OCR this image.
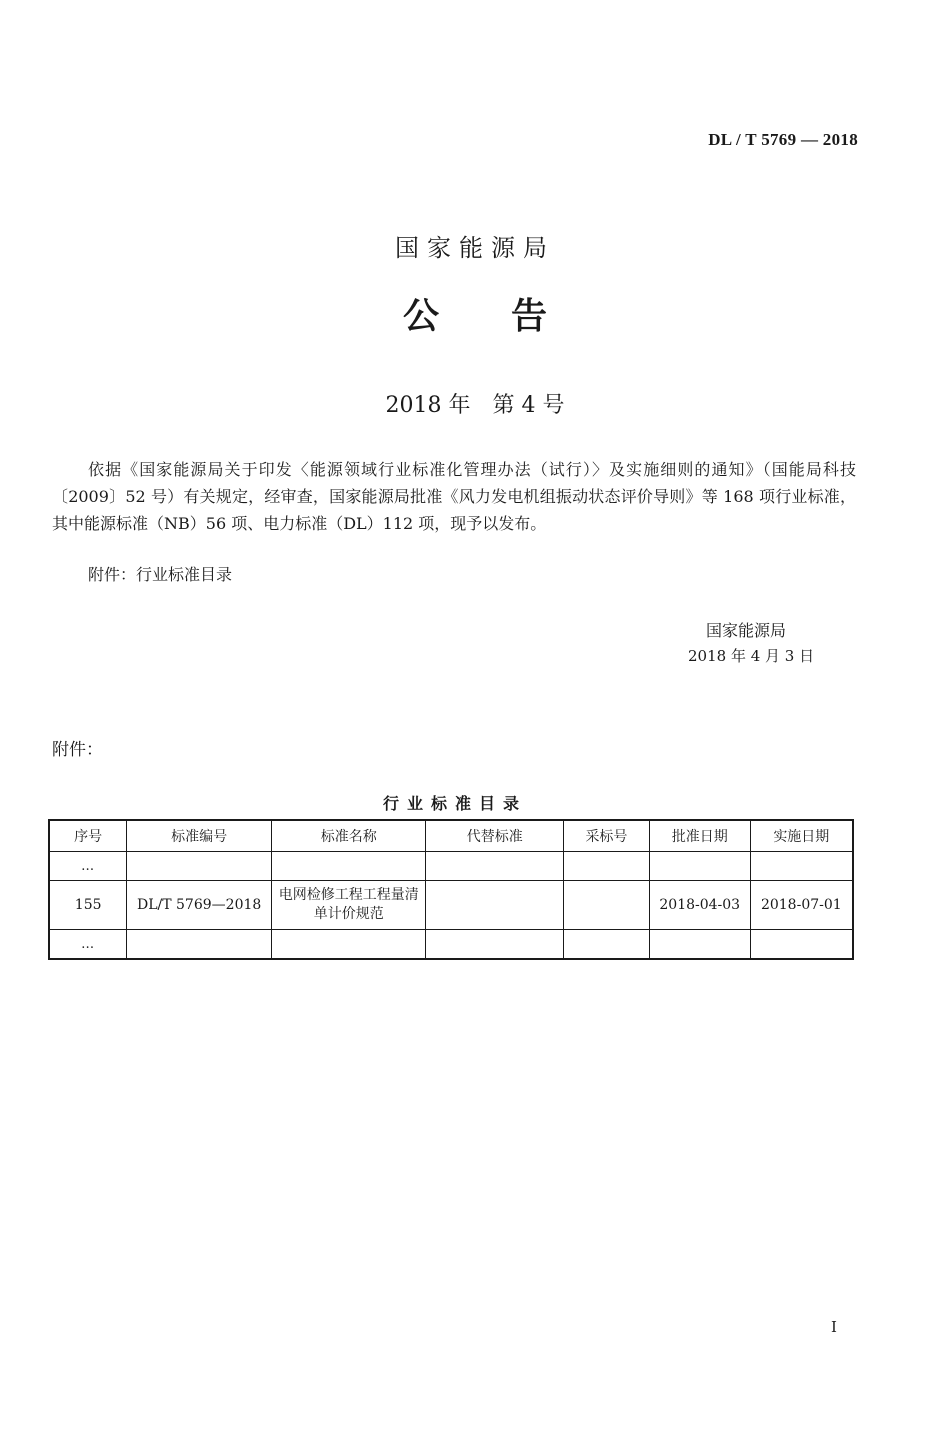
DL / T 5769 — 2018
国家能源局
公告
2018 年 第 4 号

依据《国家能源局关于印发〈能源领域行业标准化管理办法（试行）〉及实施细则的通知》（国能局科技〔2009〕52 号）有关规定，经审查，国家能源局批准《风力发电机组振动状态评价导则》等 168 项行业标准，其中能源标准（NB）56 项、电力标准（DL）112 项，现予以发布。

附件：行业标准目录

国家能源局
2018 年 4 月 3 日
附件：
行业标准目录
序号	标准编号	标准名称	代替标准	采标号	批准日期	实施日期
…						
155	DL/T 5769—2018	电网检修工程工程量清单计价规范			2018-04-03	2018-07-01
…						
I
